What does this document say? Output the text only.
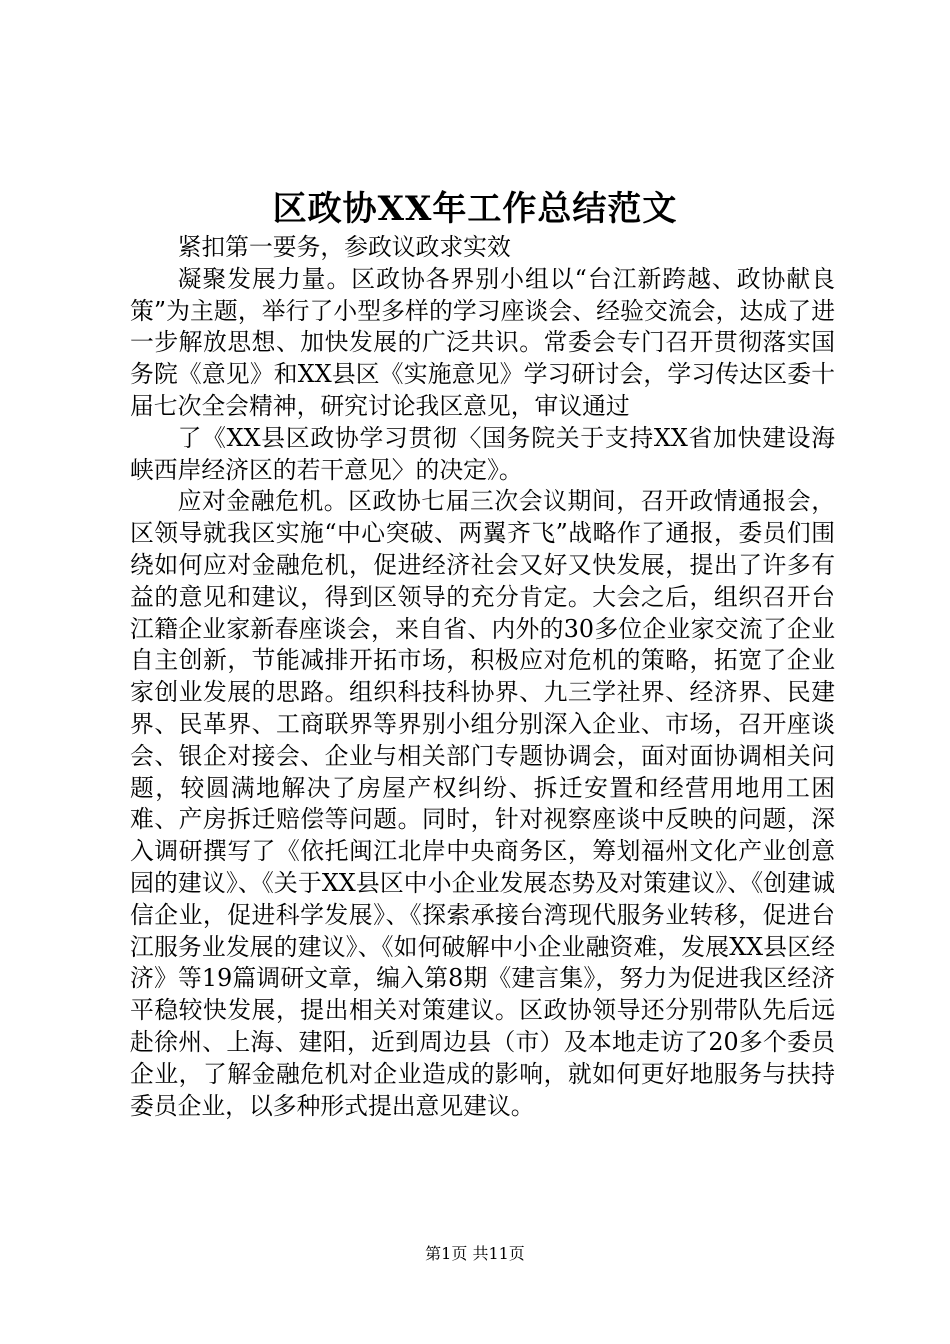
区政协XX年工作总结范文

紧扣第一要务，参政议政求实效

凝聚发展力量。区政协各界别小组以“台江新跨越、政协献良策”为主题，举行了小型多样的学习座谈会、经验交流会，达成了进一步解放思想、加快发展的广泛共识。常委会专门召开贯彻落实国务院《意见》和XX县区《实施意见》学习研讨会，学习传达区委十届七次全会精神，研究讨论我区意见，审议通过

了《XX县区政协学习贯彻〈国务院关于支持XX省加快建设海峡西岸经济区的若干意见〉的决定》。

应对金融危机。区政协七届三次会议期间，召开政情通报会，区领导就我区实施“中心突破、两翼齐飞”战略作了通报，委员们围绕如何应对金融危机，促进经济社会又好又快发展，提出了许多有益的意见和建议，得到区领导的充分肯定。大会之后，组织召开台江籍企业家新春座谈会，来自省、内外的30多位企业家交流了企业自主创新，节能减排开拓市场，积极应对危机的策略，拓宽了企业家创业发展的思路。组织科技科协界、九三学社界、经济界、民建界、民革界、工商联界等界别小组分别深入企业、市场，召开座谈会、银企对接会、企业与相关部门专题协调会，面对面协调相关问题，较圆满地解决了房屋产权纠纷、拆迁安置和经营用地用工困难、产房拆迁赔偿等问题。同时，针对视察座谈中反映的问题，深入调研撰写了《依托闽江北岸中央商务区，筹划福州文化产业创意园的建议》、《关于XX县区中小企业发展态势及对策建议》、《创建诚信企业，促进科学发展》、《探索承接台湾现代服务业转移，促进台江服务业发展的建议》、《如何破解中小企业融资难，发展XX县区经济》等19篇调研文章，编入第8期《建言集》，努力为促进我区经济平稳较快发展，提出相关对策建议。区政协领导还分别带队先后远赴徐州、上海、建阳，近到周边县（市）及本地走访了20多个委员企业，了解金融危机对企业造成的影响，就如何更好地服务与扶持委员企业，以多种形式提出意见建议。

第1页 共11页
